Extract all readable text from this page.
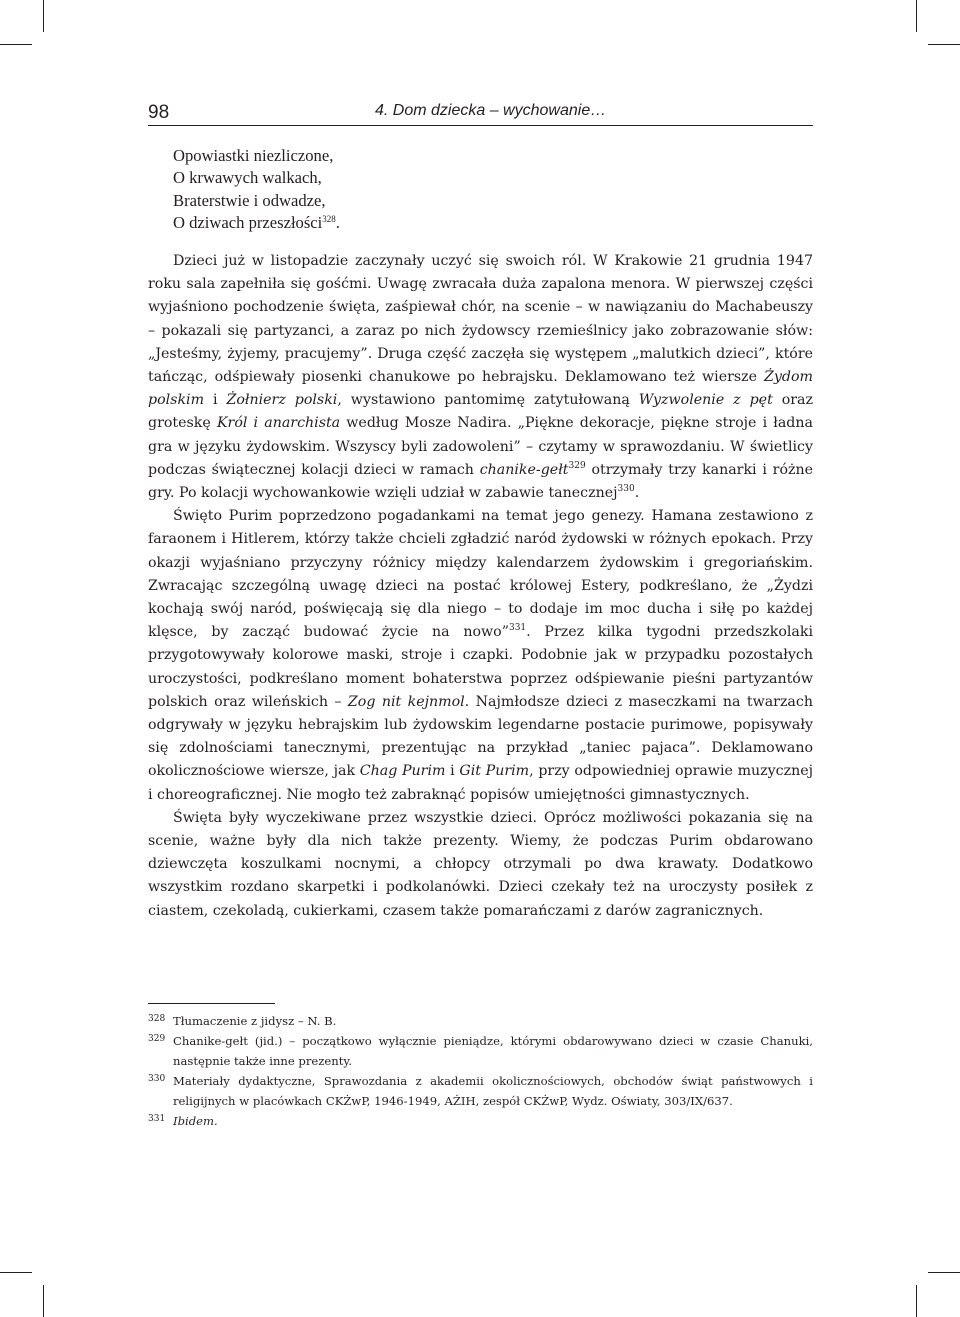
98	4. Dom dziecka – wychowanie…
Opowiastki niezliczone,
O krwawych walkach,
Braterstwie i odwadze,
O dziwach przeszłości$^{328}$.

Dzieci już w listopadzie zaczynały uczyć się swoich ról. W Krakowie 21 grudnia 1947 roku sala zapełniła się gośćmi. Uwagę zwracała duża zapalona menora. W pierwszej części wyjaśniono pochodzenie święta, zaśpiewał chór, na scenie – w nawiązaniu do Machabeuszy – pokazali się partyzanci, a zaraz po nich żydowscy rzemieślnicy jako zobrazowanie słów: „Jesteśmy, żyjemy, pracujemy”. Druga część zaczęła się występem „malutkich dzieci”, które tańcząc, odśpiewały piosenki chanukowe po hebrajsku. Deklamowano też wiersze Żydom polskim i Żołnierz polski, wystawiono pantomimę zatytułowaną Wyzwolenie z pęt oraz groteskę Król i anarchista według Mosze Nadira. „Piękne dekoracje, piękne stroje i ładna gra w języku żydowskim. Wszyscy byli zadowoleni” – czytamy w sprawozdaniu. W świetlicy podczas świątecznej kolacji dzieci w ramach chanike-gełt$^{329}$ otrzymały trzy kanarki i różne gry. Po kolacji wychowankowie wzięli udział w zabawie tanecznej$^{330}$.

Święto Purim poprzedzono pogadankami na temat jego genezy. Hamana zestawiono z faraonem i Hitlerem, którzy także chcieli zgładzić naród żydowski w różnych epokach. Przy okazji wyjaśniano przyczyny różnicy między kalendarzem żydowskim i gregoriańskim. Zwracając szczególną uwagę dzieci na postać królowej Estery, podkreślano, że „Żydzi kochają swój naród, poświęcają się dla niego – to dodaje im moc ducha i siłę po każdej klęsce, by zacząć budować życie na nowo”$^{331}$. Przez kilka tygodni przedszkolaki przygotowywały kolorowe maski, stroje i czapki. Podobnie jak w przypadku pozostałych uroczystości, podkreślano moment bohaterstwa poprzez odśpiewanie pieśni partyzantów polskich oraz wileńskich – Zog nit kejnmol. Najmłodsze dzieci z maseczkami na twarzach odgrywały w języku hebrajskim lub żydowskim legendarne postacie purimowe, popisywały się zdolnościami tanecznymi, prezentując na przykład „taniec pajaca”. Deklamowano okolicznościowe wiersze, jak Chag Purim i Git Purim, przy odpowiedniej oprawie muzycznej i choreograficznej. Nie mogło też zabraknąć popisów umiejętności gimnastycznych.

Święta były wyczekiwane przez wszystkie dzieci. Oprócz możliwości pokazania się na scenie, ważne były dla nich także prezenty. Wiemy, że podczas Purim obdarowano dziewczęta koszulkami nocnymi, a chłopcy otrzymali po dwa krawaty. Dodatkowo wszystkim rozdano skarpetki i podkolanówki. Dzieci czekały też na uroczysty posiłek z ciastem, czekoladą, cukierkami, czasem także pomarańczami z darów zagranicznych.

328 Tłumaczenie z jidysz – N. B.
329 Chanike-gełt (jid.) – początkowo wyłącznie pieniądze, którymi obdarowywano dzieci w czasie Chanuki, następnie także inne prezenty.
330 Materiały dydaktyczne, Sprawozdania z akademii okolicznościowych, obchodów świąt państwowych i religijnych w placówkach CKŻwP, 1946-1949, AŻIH, zespół CKŻwP, Wydz. Oświaty, 303/IX/637.
331 Ibidem.
